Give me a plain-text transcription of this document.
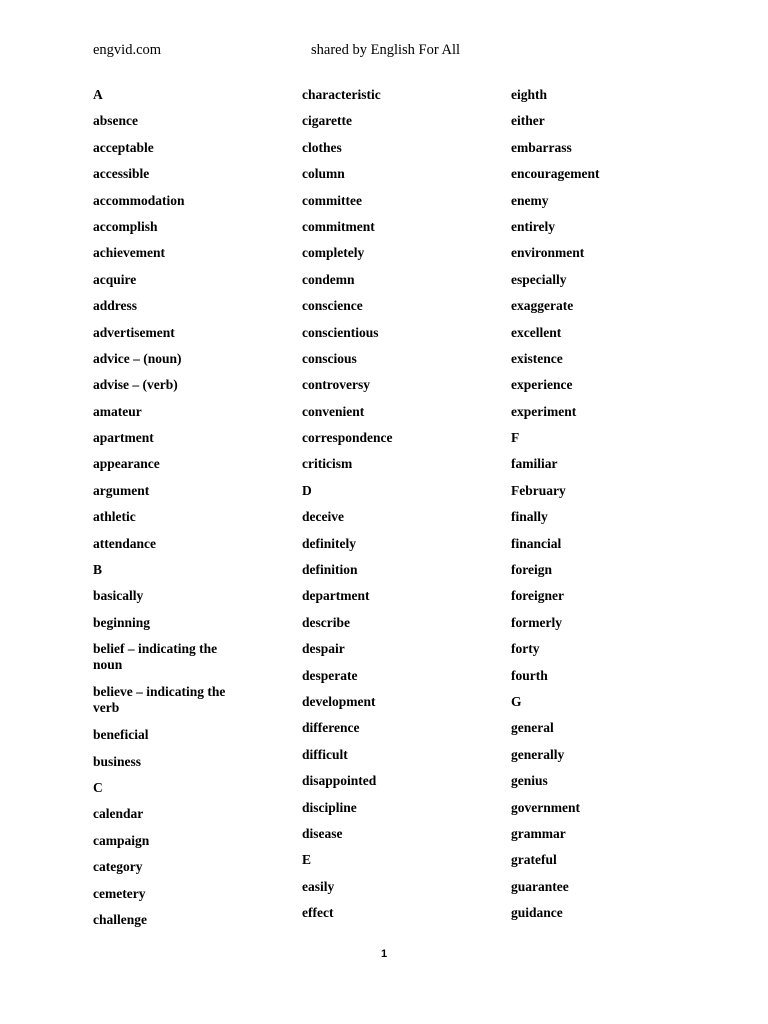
engvid.com	shared by English For All
A
absence
acceptable
accessible
accommodation
accomplish
achievement
acquire
address
advertisement
advice – (noun)
advise – (verb)
amateur
apartment
appearance
argument
athletic
attendance
B
basically
beginning
belief – indicating the noun
believe – indicating the verb
beneficial
business
C
calendar
campaign
category
cemetery
challenge
characteristic
cigarette
clothes
column
committee
commitment
completely
condemn
conscience
conscientious
conscious
controversy
convenient
correspondence
criticism
D
deceive
definitely
definition
department
describe
despair
desperate
development
difference
difficult
disappointed
discipline
disease
E
easily
effect
eighth
either
embarrass
encouragement
enemy
entirely
environment
especially
exaggerate
excellent
existence
experience
experiment
F
familiar
February
finally
financial
foreign
foreigner
formerly
forty
fourth
G
general
generally
genius
government
grammar
grateful
guarantee
guidance
1
